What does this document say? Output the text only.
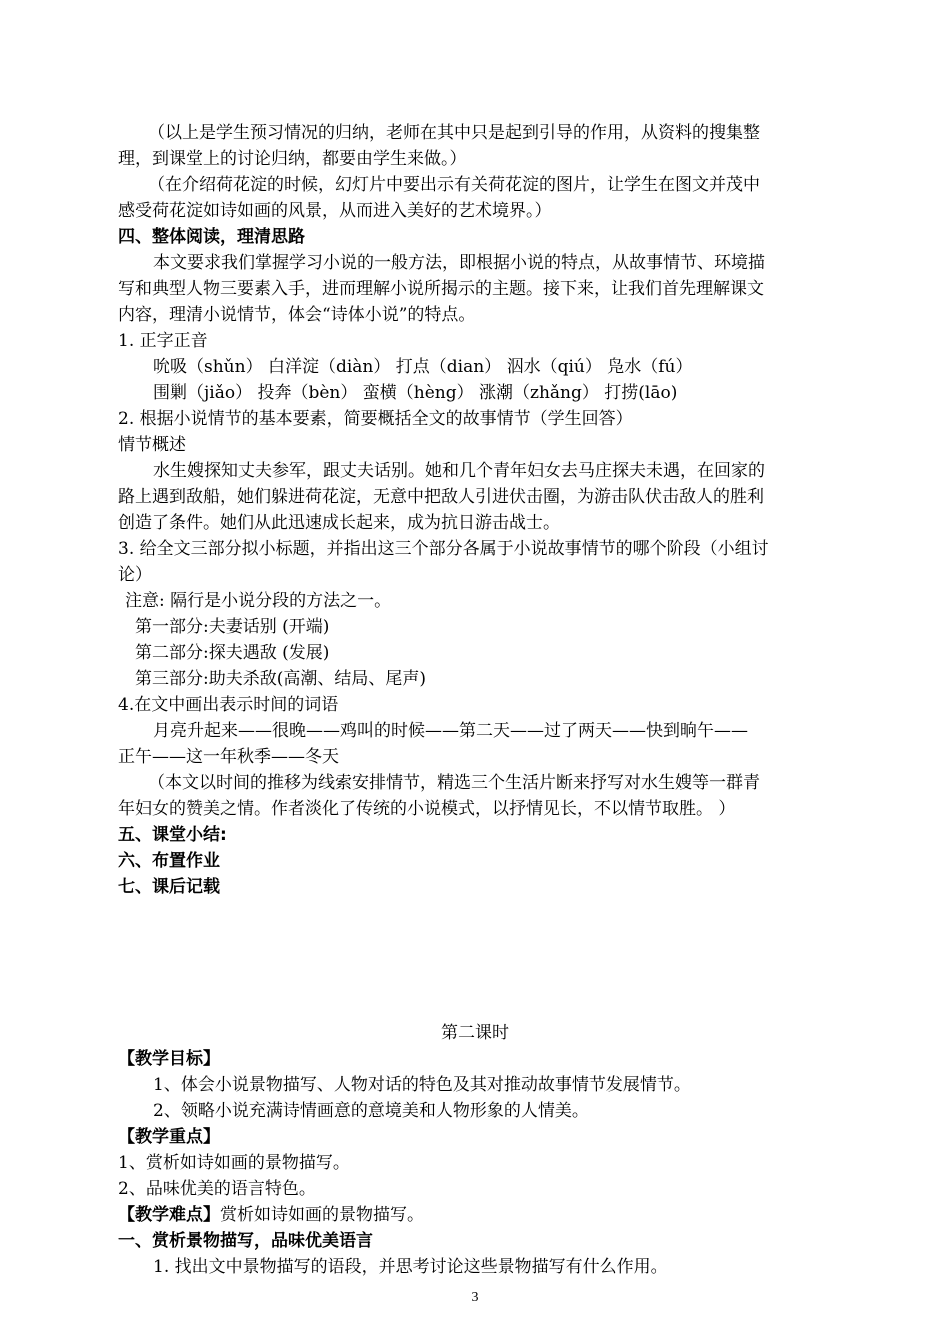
（以上是学生预习情况的归纳，老师在其中只是起到引导的作用，从资料的搜集整
理，到课堂上的讨论归纳，都要由学生来做。）
（在介绍荷花淀的时候，幻灯片中要出示有关荷花淀的图片，让学生在图文并茂中
感受荷花淀如诗如画的风景，从而进入美好的艺术境界。）
四、整体阅读，理清思路
本文要求我们掌握学习小说的一般方法，即根据小说的特点，从故事情节、环境描
写和典型人物三要素入手，进而理解小说所揭示的主题。接下来，让我们首先理解课文
内容，理清小说情节，体会“诗体小说”的特点。
1. 正字正音
吮吸（shǔn） 白洋淀（diàn） 打点（dian） 泅水（qiú） 凫水（fú）
围剿（jiǎo） 投奔（bèn） 蛮横（hèng） 涨潮（zhǎng） 打捞(lāo)
2. 根据小说情节的基本要素，简要概括全文的故事情节（学生回答）
情节概述
水生嫂探知丈夫参军，跟丈夫话别。她和几个青年妇女去马庄探夫未遇，在回家的
路上遇到敌船，她们躲进荷花淀，无意中把敌人引进伏击圈，为游击队伏击敌人的胜利
创造了条件。她们从此迅速成长起来，成为抗日游击战士。
3. 给全文三部分拟小标题，并指出这三个部分各属于小说故事情节的哪个阶段（小组讨
论）
注意: 隔行是小说分段的方法之一。
第一部分:夫妻话别 (开端)
第二部分:探夫遇敌 (发展)
第三部分:助夫杀敌(高潮、结局、尾声)
4.在文中画出表示时间的词语
月亮升起来——很晚——鸡叫的时候——第二天——过了两天——快到晌午——
正午——这一年秋季——冬天
（本文以时间的推移为线索安排情节，精选三个生活片断来抒写对水生嫂等一群青
年妇女的赞美之情。作者淡化了传统的小说模式，以抒情见长，不以情节取胜。 ）
五、课堂小结:
六、布置作业
七、课后记载
第二课时
【教学目标】
1、体会小说景物描写、人物对话的特色及其对推动故事情节发展情节。
2、领略小说充满诗情画意的意境美和人物形象的人情美。
【教学重点】
1、赏析如诗如画的景物描写。
2、品味优美的语言特色。
【教学难点】赏析如诗如画的景物描写。
一、赏析景物描写，品味优美语言
1. 找出文中景物描写的语段，并思考讨论这些景物描写有什么作用。
3
